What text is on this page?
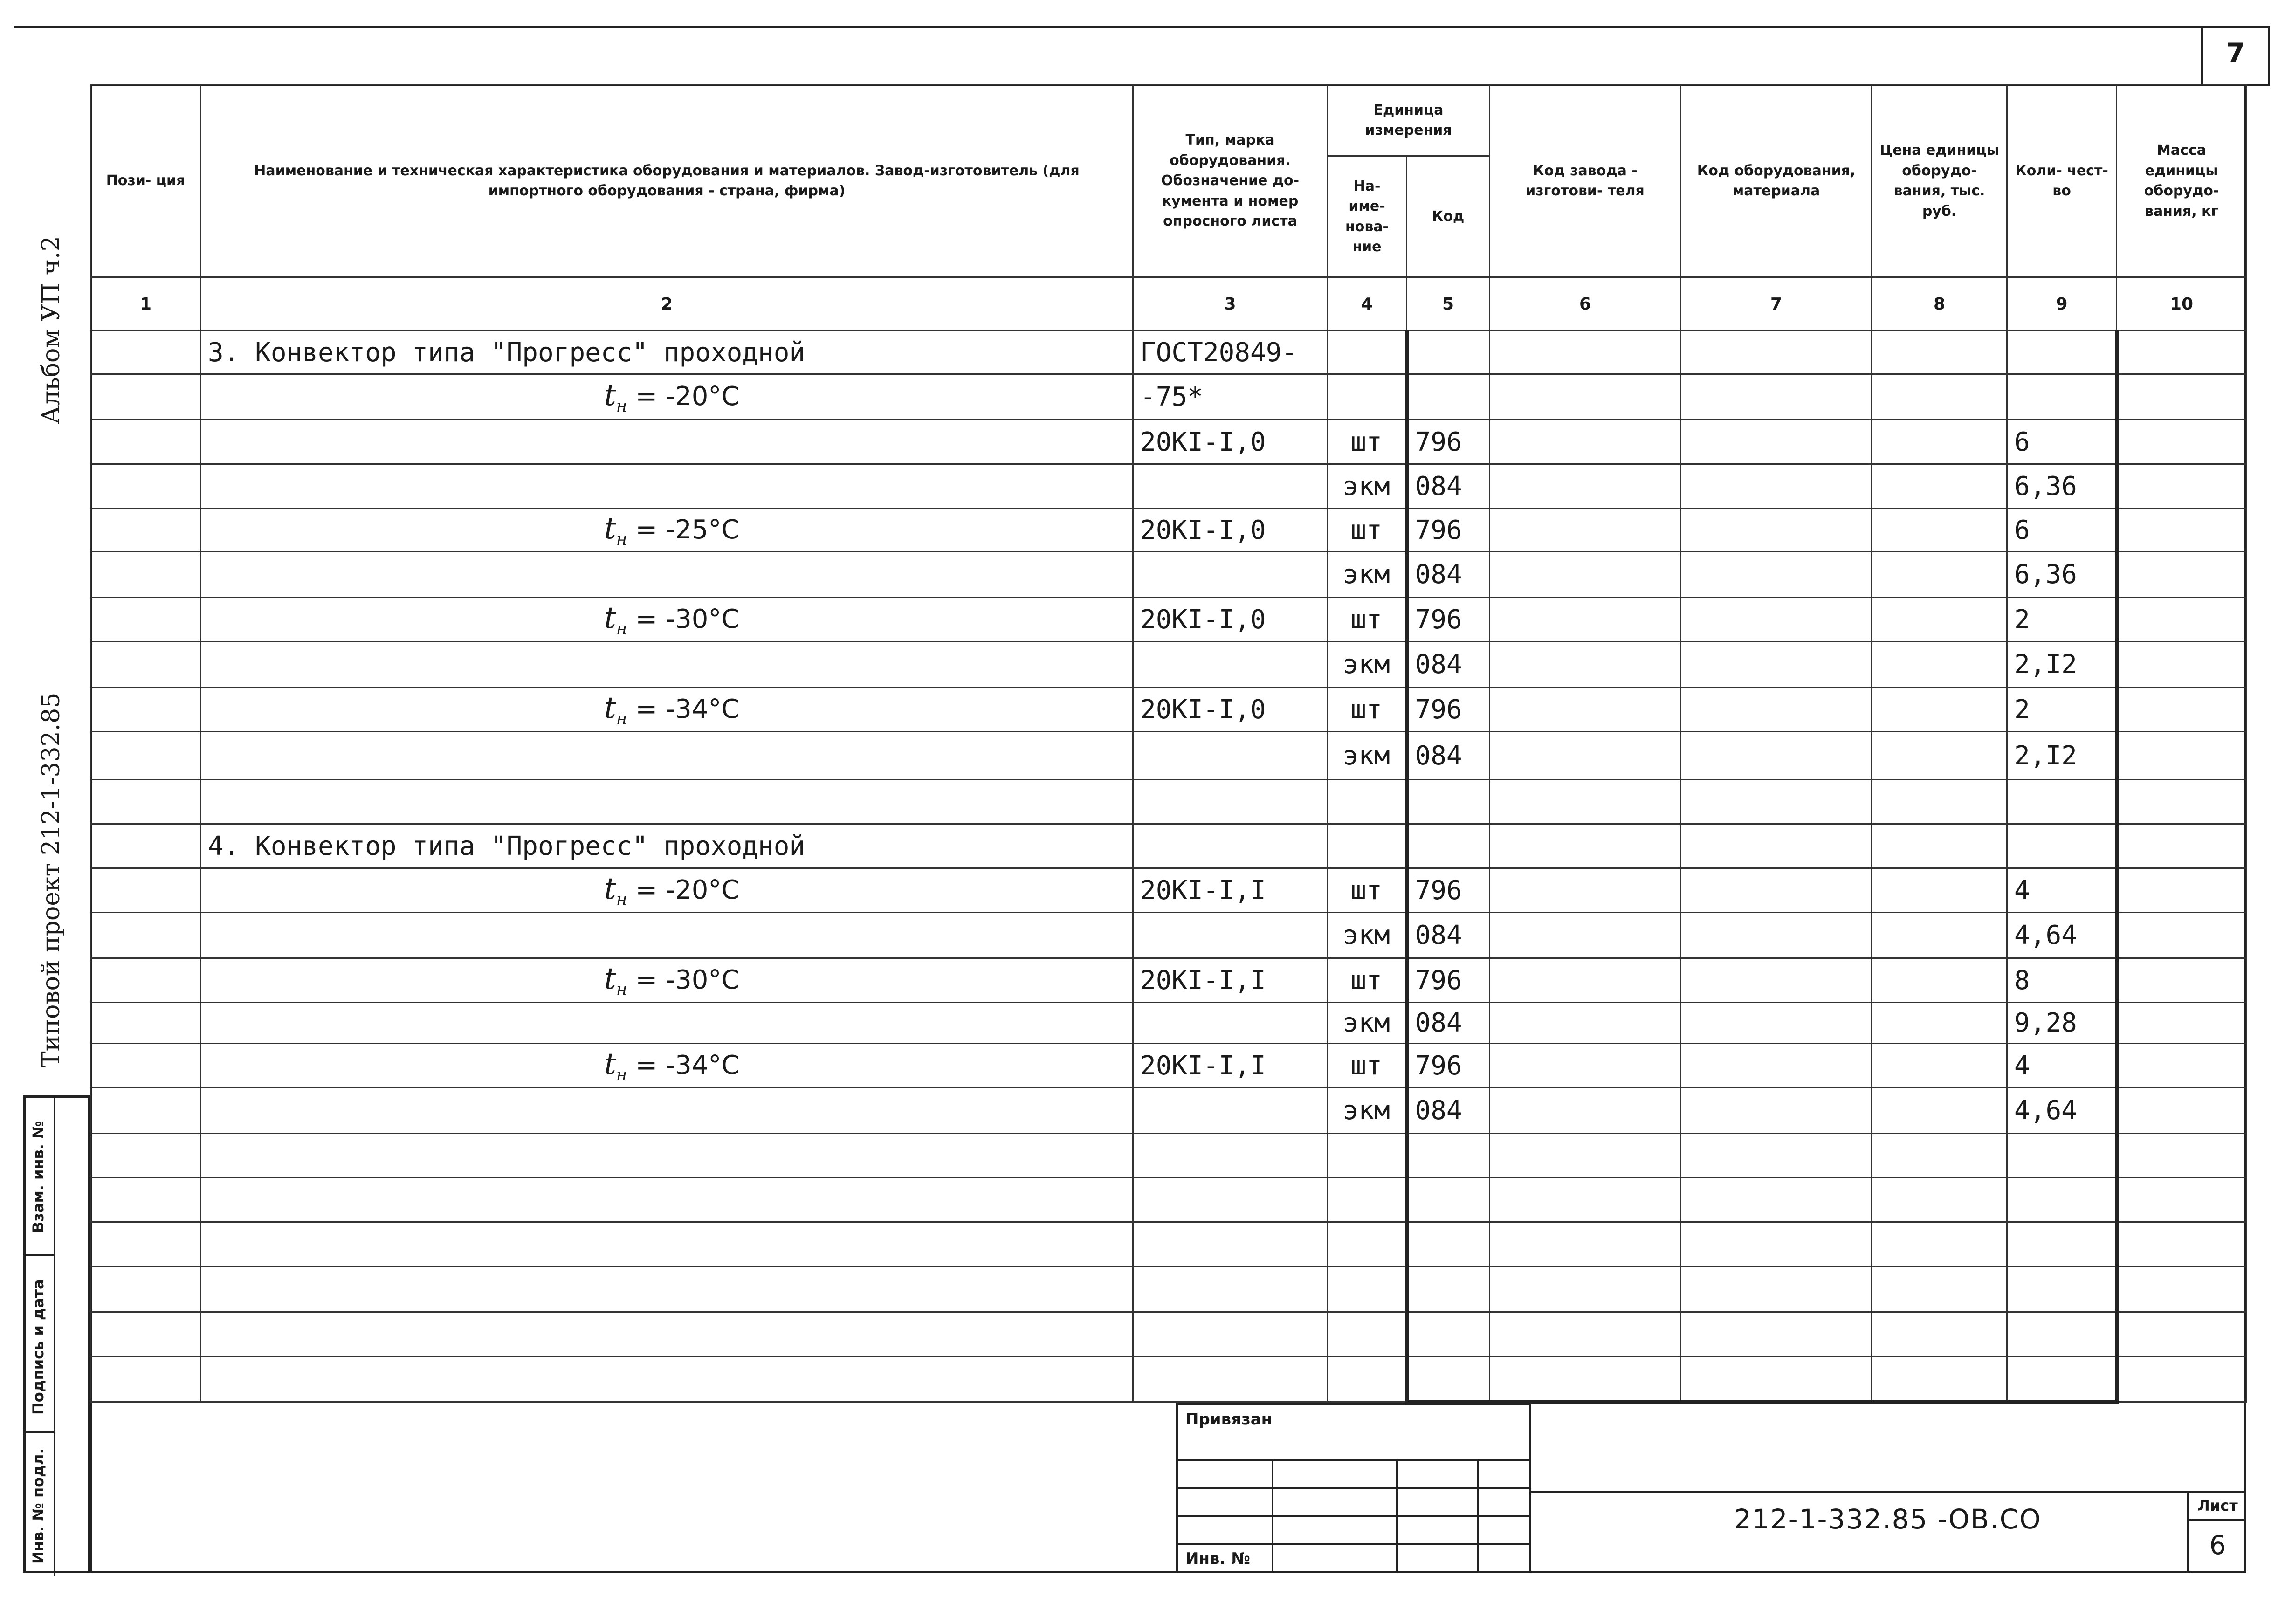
7
Альбом УП ч.2
Типовой проект 212-1-332.85
Взам. инв. №
Подпись и дата
Инв. № подл.
Пози- ция	Наименование и техническая характеристика оборудования и материалов. Завод-изготовитель (для импортного оборудования - страна, фирма)	Тип, марка оборудования. Обозначение до- кумента и номер опросного листа	Единица измерения		Код завода - изготови- теля	Код оборудования, материала	Цена единицы оборудо- вания, тыс. руб.	Коли- чест- во	Масса единицы оборудо- вания, кг
			На- име- нова- ние	Код					
1	2	3	4	5	6	7	8	9	10
	3. Конвектор типа "Прогресс" проходной	ГОСТ20849-							
	$t_н = -20^\circ С$	-75*							
		20КI-I,0	шт	796				6	
			экм	084				6,36	
	$t_н = -25^\circ С$	20КI-I,0	шт	796				6	
			экм	084				6,36	
	$t_н = -30^\circ С$	20КI-I,0	шт	796				2	
			экм	084				2,I2	
	$t_н = -34^\circ С$	20КI-I,0	шт	796				2	
			экм	084				2,I2	

	4. Конвектор типа "Прогресс" проходной								
	$t_н = -20^\circ С$	20КI-I,I	шт	796				4	
			экм	084				4,64	
	$t_н = -30^\circ С$	20КI-I,I	шт	796				8	
			экм	084				9,28	
	$t_н = -34^\circ С$	20КI-I,I	шт	796				4	
			экм	084				4,64	

Привязан
Инв. №
212-1-332.85 -ОВ.СО	Лист
6
